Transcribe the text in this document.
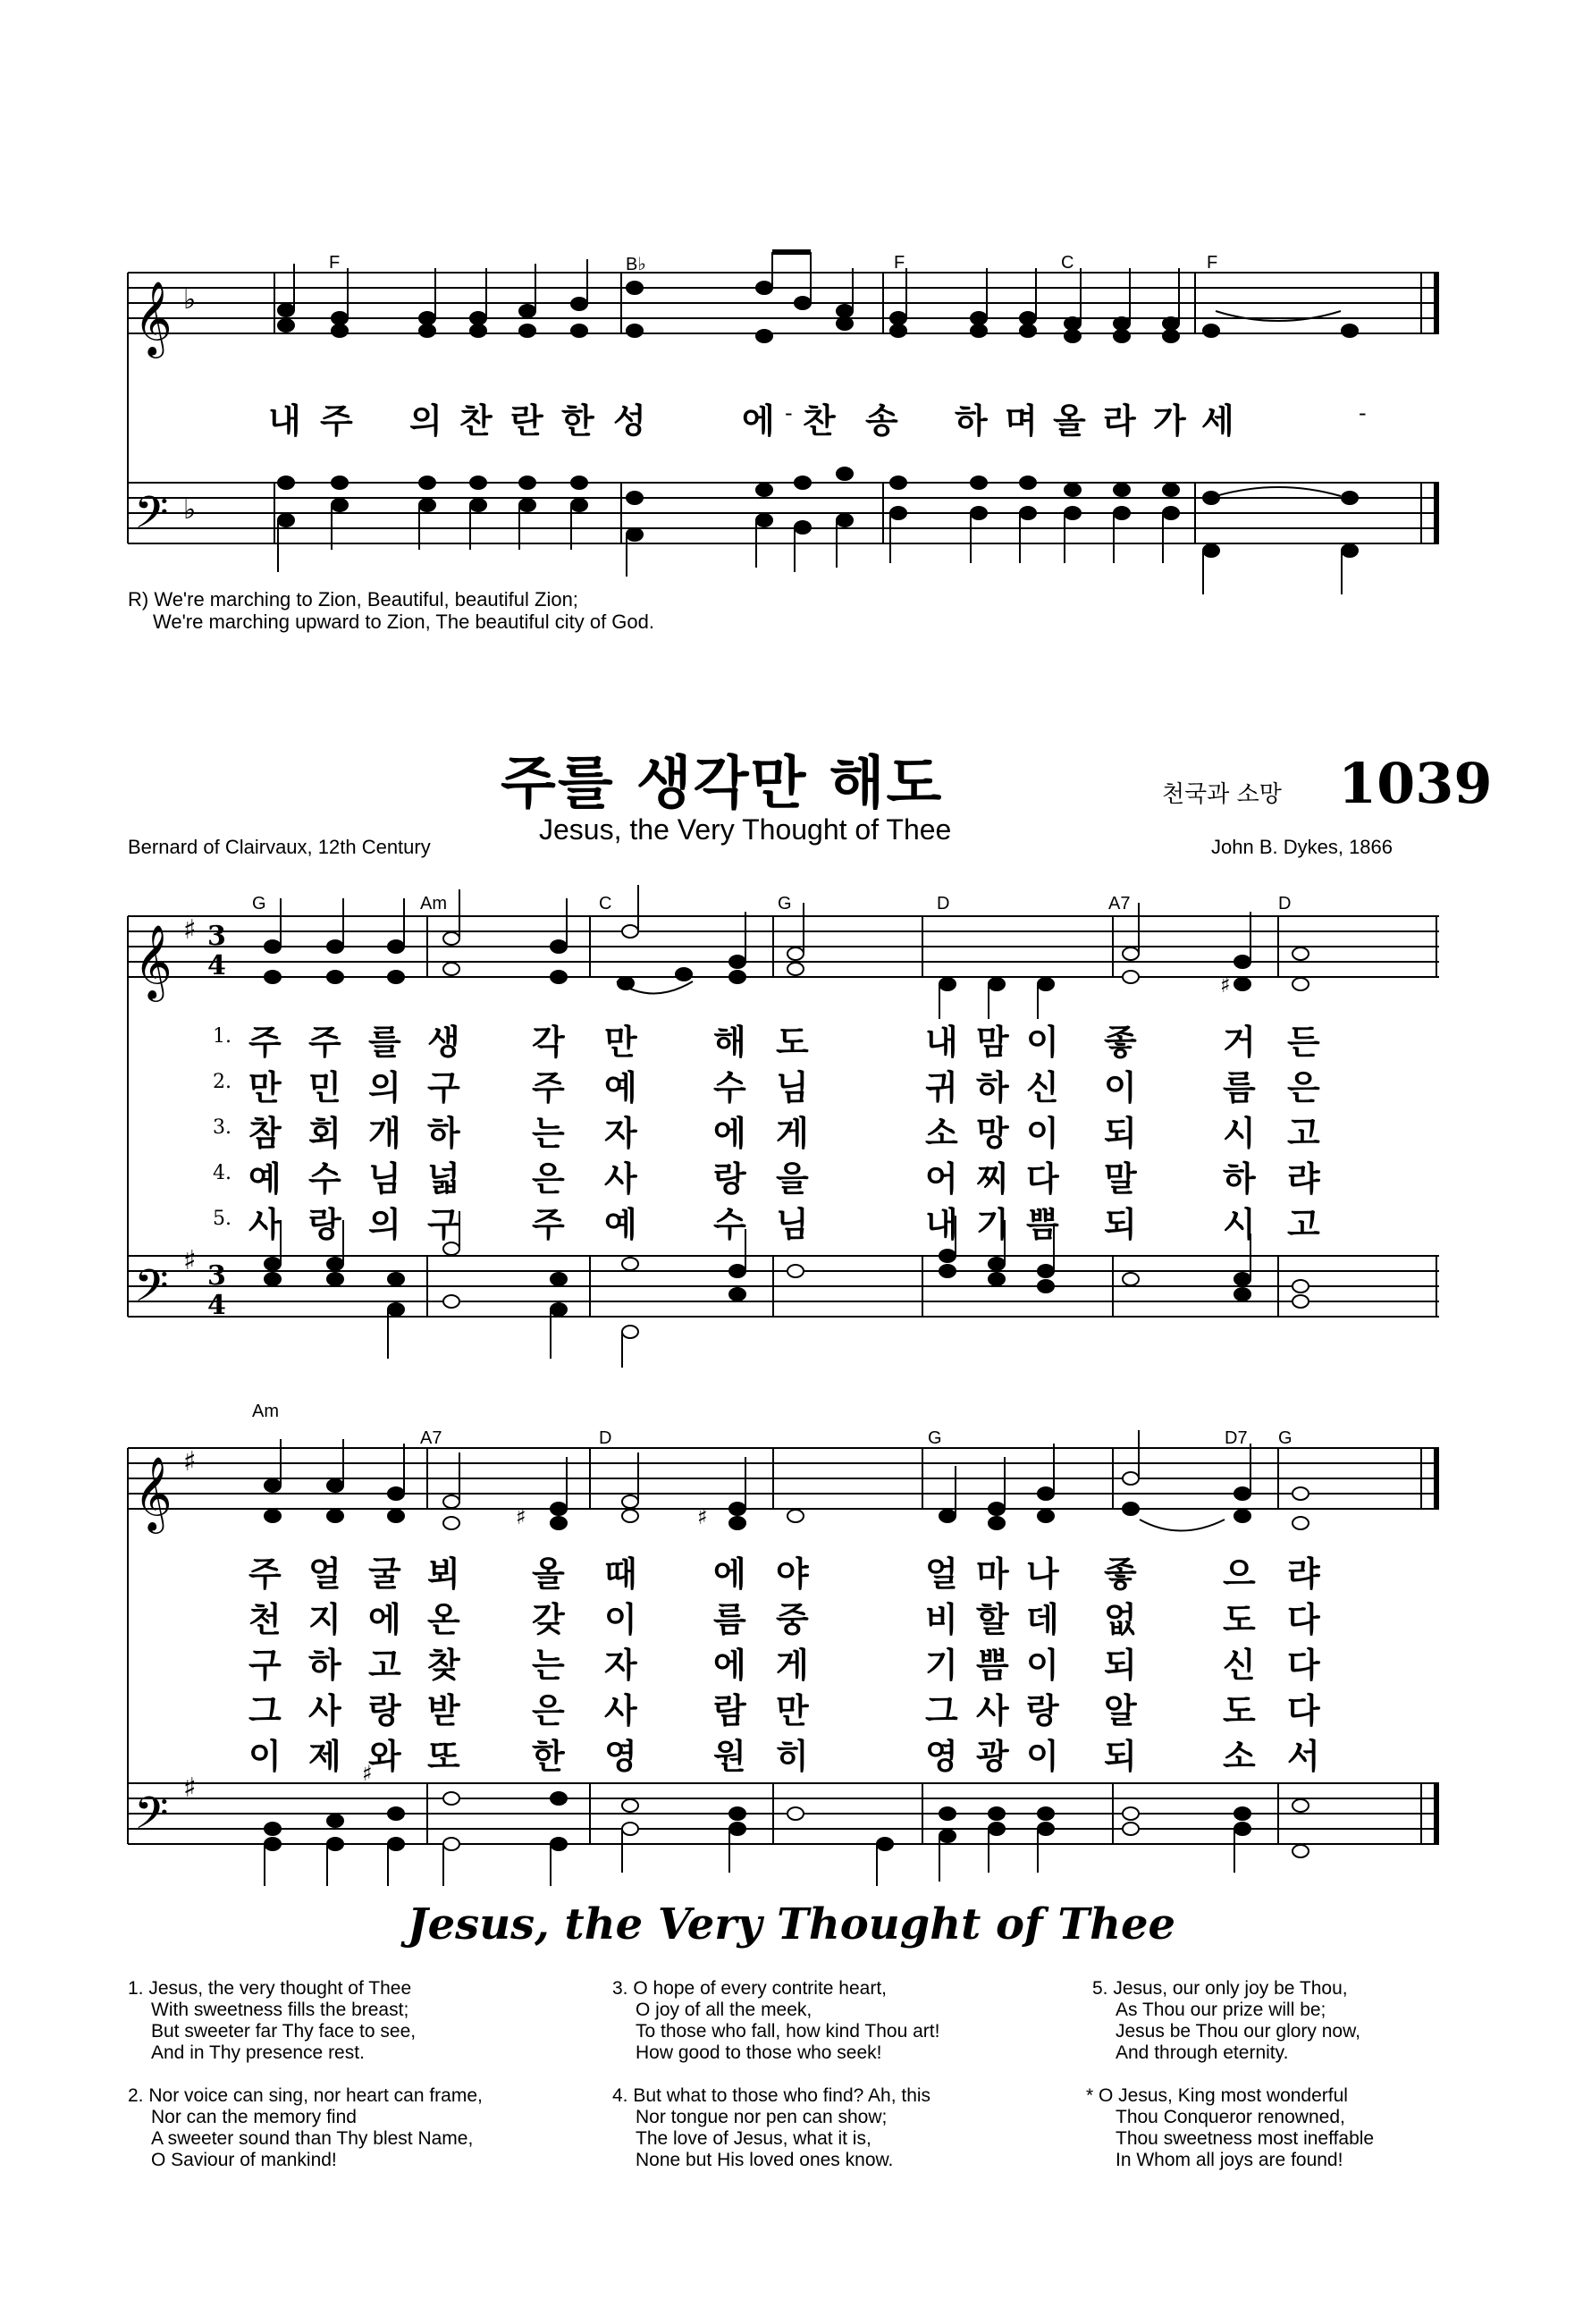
𝄞
𝄢
♭
♭
𝄞
𝄢
♯
♯
3
4
3
4
𝄞
𝄢
♯
♯
♯
♯	♯
♯
F	B♭	F	C	F
내 주 의 찬 란 한 성	에 - 찬 송 하 며 올 라 가 세	-
R) We're marching to Zion, Beautiful, beautiful Zion;
We're marching upward to Zion, The beautiful city of God.
주를 생각만 해도	천국과 소망 1039
Jesus, the Very Thought of Thee
Bernard of Clairvaux, 12th Century	John B. Dykes, 1866
G	Am	C	G	D	A7	D
1. 주 주 를 생 각 만 해 도	내 맘 이 좋	거 든
2. 만 민 의 구 주 예 수 님	귀 하 신 이	름 은
3. 참 회 개 하 는 자 에 게	소 망 이 되	시 고
4. 예 수 님 넓 은 사 랑 을	어 찌 다 말	하 랴
5. 사 랑 의 구 주 예 수 님	내 기 쁨 되	시 고
Am
A7	D	G	D7 G
주 얼 굴 뵈 올 때 에 야	얼 마 나 좋	으 랴
천 지 에 온 갖 이 름 중	비 할 데 없	도 다
구 하 고 찾 는 자 에 게	기 쁨 이 되	신 다
그 사 랑 받 은 사 람 만	그 사 랑 알	도 다
이 제 와 또 한 영 원 히	영 광 이 되	소 서
Jesus, the Very Thought of Thee
1. Jesus, the very thought of Thee
With sweetness fills the breast;
But sweeter far Thy face to see,
And in Thy presence rest.
2. Nor voice can sing, nor heart can frame,
Nor can the memory find
A sweeter sound than Thy blest Name,
O Saviour of mankind!
3. O hope of every contrite heart,
O joy of all the meek,
To those who fall, how kind Thou art!
How good to those who seek!
4. But what to those who find? Ah, this
Nor tongue nor pen can show;
The love of Jesus, what it is,
None but His loved ones know.
5. Jesus, our only joy be Thou,
As Thou our prize will be;
Jesus be Thou our glory now,
And through eternity.
* O Jesus, King most wonderful
Thou Conqueror renowned,
Thou sweetness most ineffable
In Whom all joys are found!
